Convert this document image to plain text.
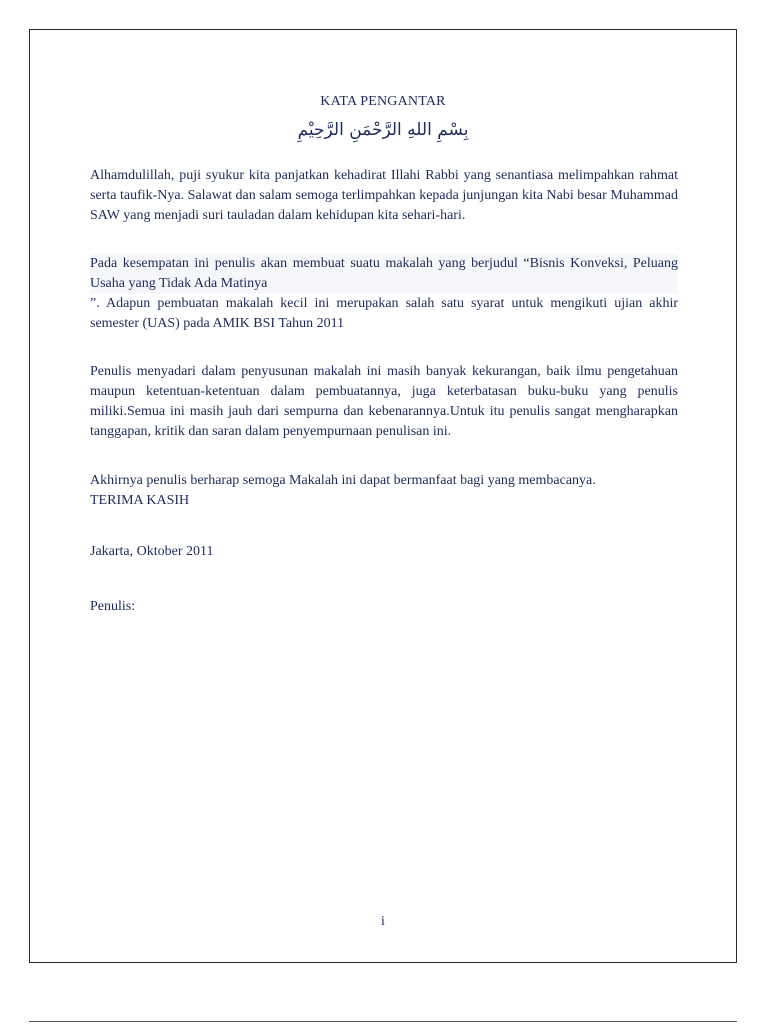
KATA PENGANTAR
بِسْمِ اللهِ الرَّحْمَنِ الرَّحِيْمِ
Alhamdulillah, puji syukur kita panjatkan kehadirat Illahi Rabbi yang senantiasa melimpahkan rahmat serta taufik-Nya. Salawat dan salam semoga terlimpahkan kepada junjungan kita Nabi besar Muhammad SAW yang menjadi suri tauladan dalam kehidupan kita sehari-hari.
Pada kesempatan ini penulis akan membuat suatu makalah yang berjudul “Bisnis Konveksi, Peluang Usaha yang Tidak Ada Matinya
”. Adapun pembuatan makalah kecil ini merupakan salah satu syarat untuk mengikuti ujian akhir semester (UAS) pada AMIK BSI Tahun 2011
Penulis menyadari dalam penyusunan makalah ini masih banyak kekurangan, baik ilmu pengetahuan maupun ketentuan-ketentuan dalam pembuatannya, juga keterbatasan buku-buku yang penulis miliki.Semua ini masih jauh dari sempurna dan kebenarannya.Untuk itu penulis sangat mengharapkan tanggapan, kritik dan saran dalam penyempurnaan penulisan ini.
Akhirnya penulis berharap semoga Makalah ini dapat bermanfaat bagi yang membacanya.
TERIMA KASIH
Jakarta, Oktober 2011
Penulis:
i
